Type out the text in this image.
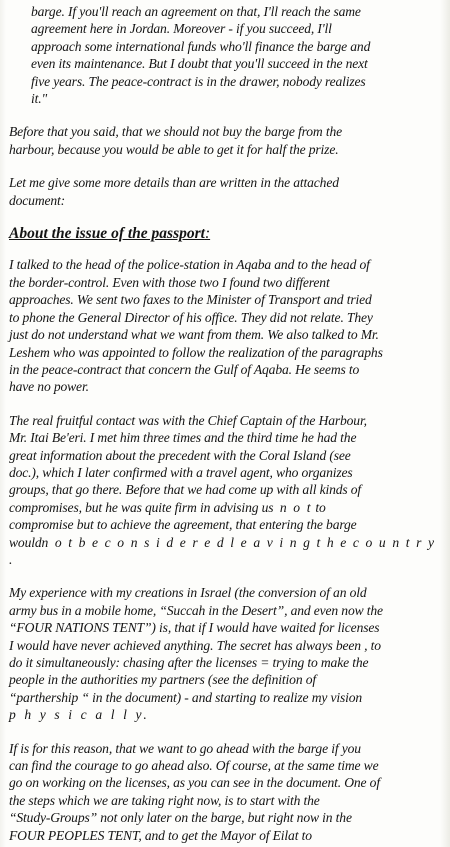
barge. If you'll reach an agreement on that, I'll reach the same

agreement here in Jordan. Moreover - if you succeed, I'll

approach some international funds who'll finance the barge and

even its maintenance. But I doubt that you'll succeed in the next

five years. The peace-contract is in the drawer, nobody realizes

it."

Before that you said, that we should not buy the barge from the

harbour, because you would be able to get it for half the prize.

Let me give some more details than are written in the attached

document:

About the issue of the passport:

I talked to the head of the police-station in Aqaba and to the head of

the border-control. Even with those two I found two different

approaches. We sent two faxes to the Minister of Transport and tried

to phone the General Director of his office. They did not relate. They

just do not understand what we want from them. We also talked to Mr.

Leshem who was appointed to follow the realization of the paragraphs

in the peace-contract that concern the Gulf of Aqaba. He seems to

have no power.

The real fruitful contact was with the Chief Captain of the Harbour,

Mr. Itai Be'eri. I met him three times and the third time he had the

great information about the precedent with the Coral Island (see

doc.), which I later confirmed with a travel agent, who organizes

groups, that go there. Before that we had come up with all kinds of

compromises, but he was quite firm in advising us n o t to

compromise but to achieve the agreement, that entering the barge

wouldn o t b e c o n s i d e r e d l e a v i n g t h e c o u n t r y .

My experience with my creations in Israel (the conversion of an old

army bus in a mobile home, “Succah in the Desert”, and even now the

“FOUR NATIONS TENT”) is, that if I would have waited for licenses

I would have never achieved anything. The secret has always been , to

do it simultaneously: chasing after the licenses = trying to make the

people in the authorities my partners (see the definition of

“parthership “ in the document) - and starting to realize my vision

p h y s i c a l l y.

If is for this reason, that we want to go ahead with the barge if you

can find the courage to go ahead also. Of course, at the same time we

go on working on the licenses, as you can see in the document. One of

the steps which we are taking right now, is to start with the

“Study-Groups” not only later on the barge, but right now in the

FOUR PEOPLES TENT, and to get the Mayor of Eilat to
